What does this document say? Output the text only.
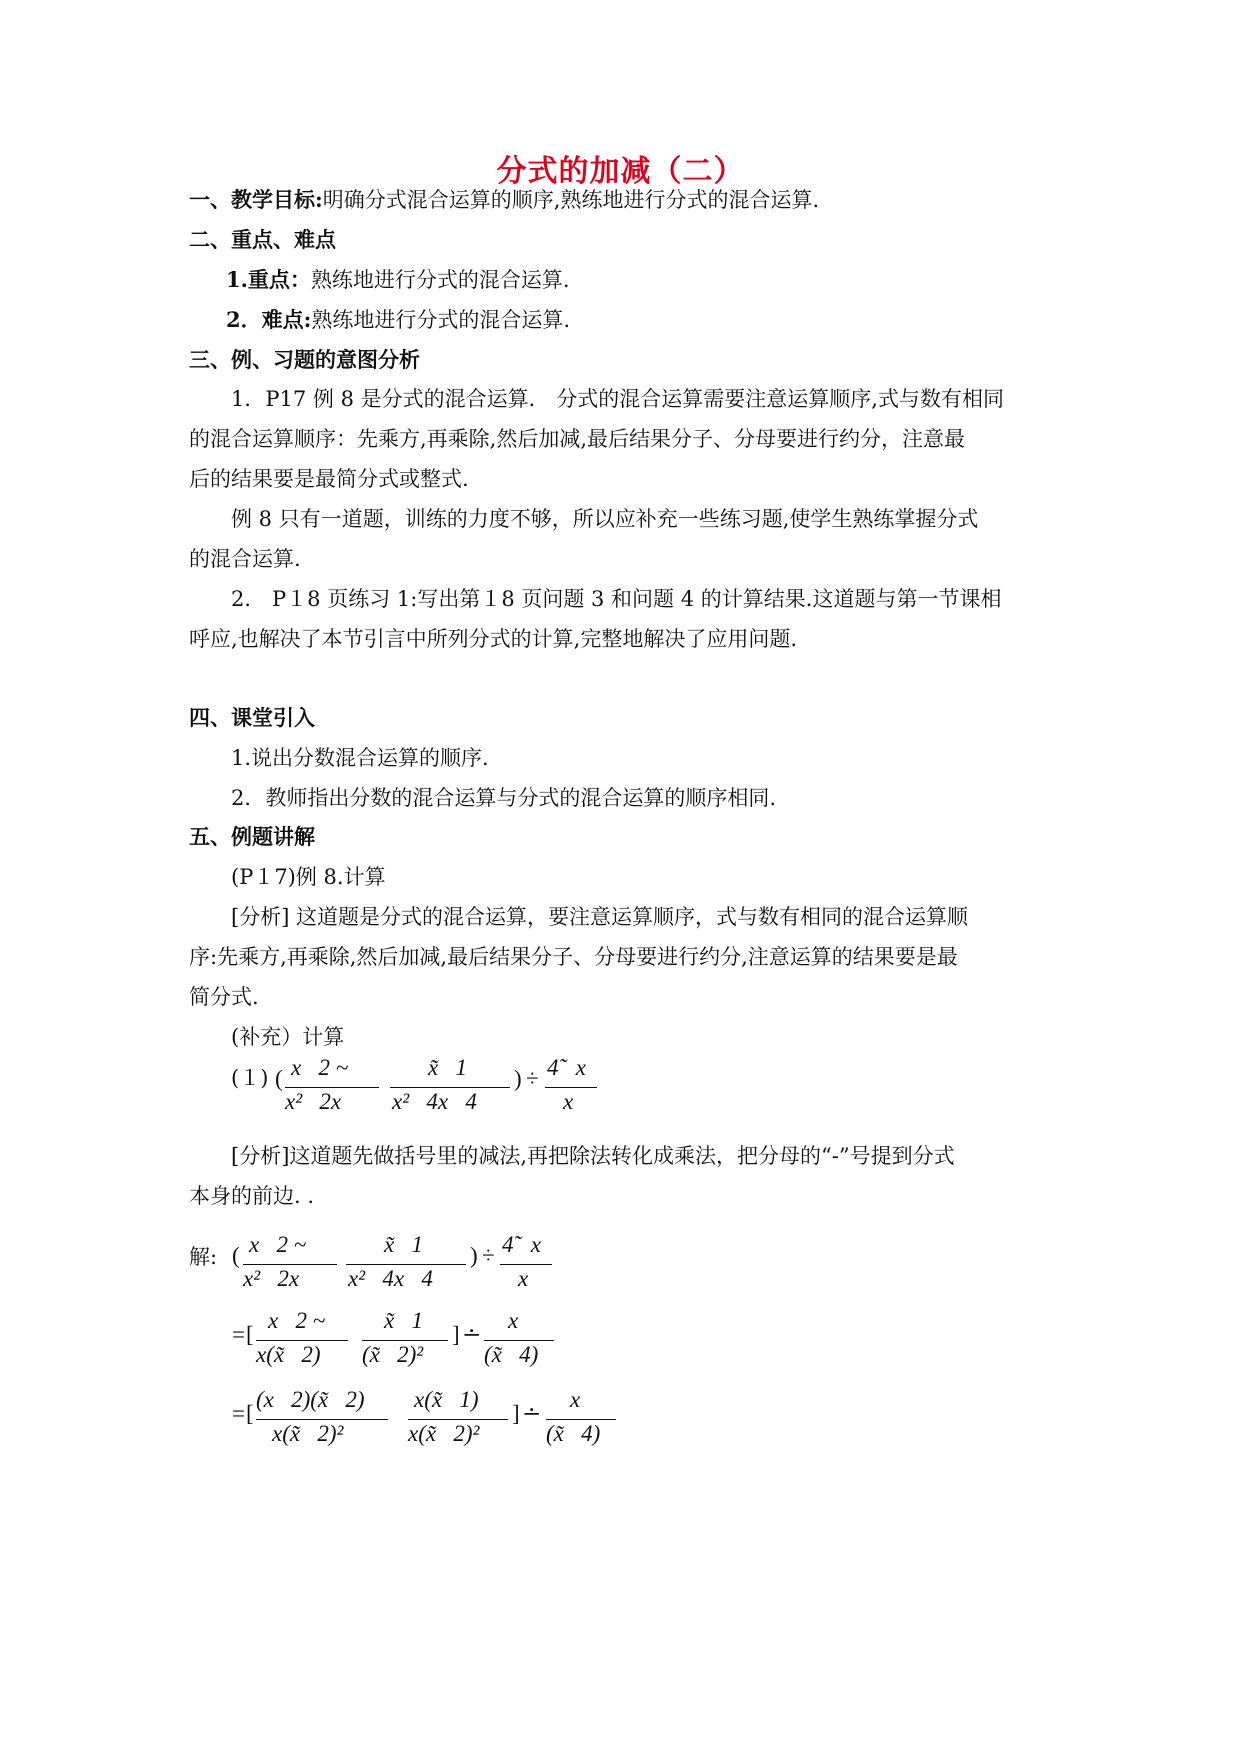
分式的加减（二）
一、教学目标:明确分式混合运算的顺序,熟练地进行分式的混合运算.
二、重点、难点
1.重点：熟练地进行分式的混合运算.
2．难点:熟练地进行分式的混合运算.
三、例、习题的意图分析
1．P17 例 8 是分式的混合运算． 分式的混合运算需要注意运算顺序,式与数有相同
的混合运算顺序：先乘方,再乘除,然后加减,最后结果分子、分母要进行约分，注意最
后的结果要是最简分式或整式.
例 8 只有一道题，训练的力度不够，所以应补充一些练习题,使学生熟练掌握分式
的混合运算.
2． P１8 页练习 1:写出第１8 页问题 3 和问题 4 的计算结果.这道题与第一节课相
呼应,也解决了本节引言中所列分式的计算,完整地解决了应用问题.
四、课堂引入
1.说出分数混合运算的顺序.
2．教师指出分数的混合运算与分式的混合运算的顺序相同.
五、例题讲解
(P１7)例 8.计算
[分析] 这道题是分式的混合运算，要注意运算顺序，式与数有相同的混合运算顺
序:先乘方,再乘除,然后加减,最后结果分子、分母要进行约分,注意运算的结果要是最
简分式.
(补充）计算
(１) ( x   2 ~
x²   2x
x̃   1
x²   4x   4
) ÷ 4̃   x
x
[分析]这道题先做括号里的减法,再把除法转化成乘法，把分母的“-”号提到分式
本身的前边. .
解: ( x   2 ~
x²   2x
x̃   1
x²   4x   4
) ÷ 4̃   x
x
= [
x   2 ~
x(x̃   2)
x̃   1
(x̃   2)²
] ∸
x
(x̃   4)
= [
(x   2)(x̃   2)
x(x̃   2)²
x(x̃   1)
x(x̃   2)²
] ∸
x
(x̃   4)
